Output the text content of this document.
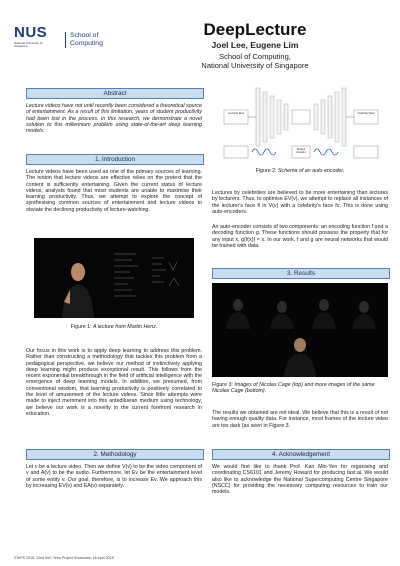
NUS
National University of Singapore
School of
Computing
DeepLecture
Joel Lee, Eugene Lim
School of Computing,
National University of Singapore
Abstract
Lecture videos have not until recently been considered a theoretical source of entertainment. As a result of this limitation, years of student productivity had been lost in the process. In this research, we demonstrate a novel solution to this millennium problem using state-of-the-art deep learning models.
1. Introduction
Lecture videos have been used as one of the primary sources of learning. The notion that lecture videos are effective relies on the pretext that the content is sufficiently entertaining. Given the current status of lecture videos, analysts found that most students are unable to maximise their learning productivity. Thus, we attempt to explore the concept of synthesising common sources of entertainment and lecture videos to obviate the declining productivity of lecture-watching.
Figure 1: A lecture from Martin Henz.
Our focus in this work is to apply deep learning to address this problem. Rather than constructing a methodology that tackles this problem from a pedagogical perspective, we believe our method of instinctively applying deep learning might produce exceptional result. This follows from the recent exponential breakthrough in the field of artificial intelligence with the emergence of deep learning models. In addition, we presumed, from conventional wisdom, that learning productivity is positively correlated to the level of amusement of the lecture videos. Since little attempts were made to inject merriment into this antediluvian medium using technology, we believe our work is a novelty in the current forefront research in education.
2. Methodology
Let v be a lecture video. Then we define V(v) to be the video component of v and A(v) to be the audio. Furthermore, let Ev be the entertainment level of some entity v. Our goal, therefore, is to increase Ev. We approach this by increasing EV(v) and EA(v) separately.
Lecturer face
Shared encoder
Celebrity face
Figure 2: Schema of an auto encoder.
Lectures by celebrities are believed to be more entertaining than lectures by lecturers. Thus, to optimise EV(v), we attempt to replace all instances of the lecturer's face fl in V(v) with a celebrity's face fc. This is done using auto-encoders.
An auto-encoder consists of two components: an encoding function f and a decoding function g. These functions should possess the property that for any input x, g(f(x)) ≈ x. In our work, f and g are neural networks that would be trained with data.
3. Results
Figure 3: Images of Nicolas Cage (top) and more images of the same Nicolas Cage (bottom).
The results we obtained are not ideal. We believe that this is a result of not having enough quality data. For instance, most frames of the lecture video are too dark (as seen in Figure 3.
4. Acknowledgement
We would first like to thank Prof. Kan Min-Yen for organising and coordinating CS6101 and Jeremy Howard for producing fast.ai. We would also like to acknowledge the National Supercomputing Centre Singapore (NSCC) for providing the necessary computing resources to train our models.
STePS 2018, 12nd SoC Term Project Showcase, 18 April 2018
